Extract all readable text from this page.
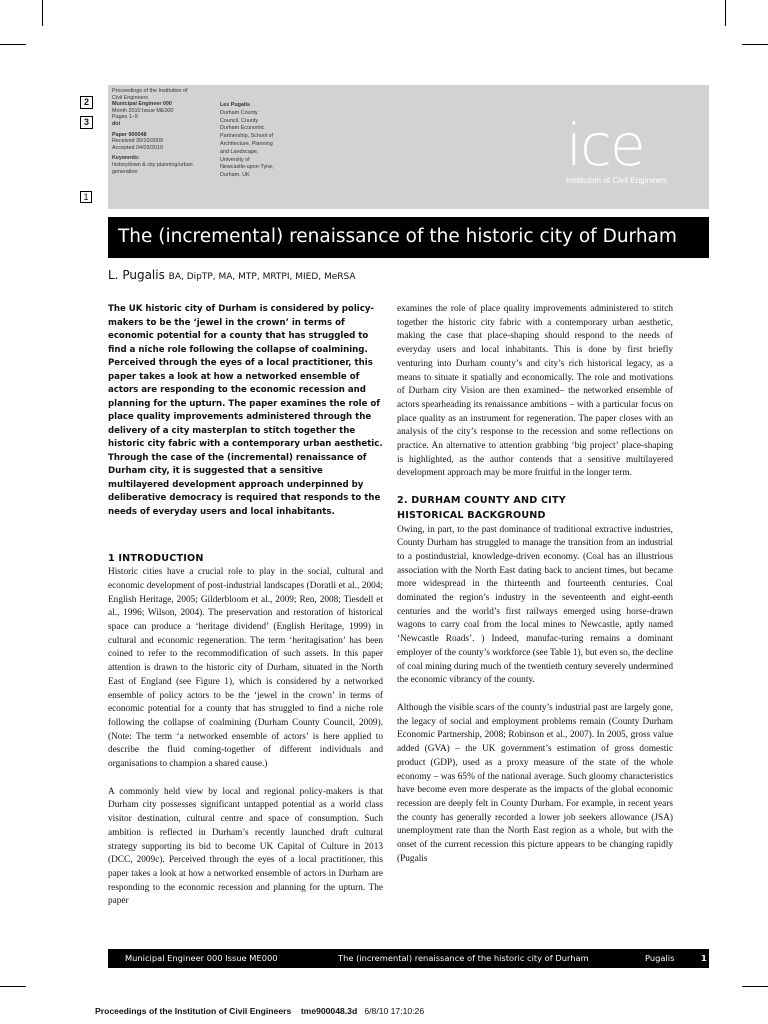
Proceedings of the Institution of
Civil Engineers
Municipal Engineer 000
Month 2010 Issue ME000
Pages 1–9
doi
Paper 900048
Received 30/10/2009
Accepted 04/03/2010
Keywords:
history/town & city planning/urban
generation
Les Pugalis
Durham County
Council, County
Durham Economic
Partnership, School of
Architecture, Planning
and Landscape,
University of
Newcastle-upon-Tyne,
Durham, UK
2
3
1
ice
Institution of Civil Engineers
The (incremental) renaissance of the historic city of Durham
L. Pugalis BA, DipTP, MA, MTP, MRTPI, MIED, MeRSA
The UK historic city of Durham is considered by policy-makers to be the ‘jewel in the crown’ in terms of economic potential for a county that has struggled to find a niche role following the collapse of coalmining. Perceived through the eyes of a local practitioner, this paper takes a look at how a networked ensemble of actors are responding to the economic recession and planning for the upturn. The paper examines the role of place quality improvements administered through the delivery of a city masterplan to stitch together the historic city fabric with a contemporary urban aesthetic. Through the case of the (incremental) renaissance of Durham city, it is suggested that a sensitive multilayered development approach underpinned by deliberative democracy is required that responds to the needs of everyday users and local inhabitants.
1 INTRODUCTION

Historic cities have a crucial role to play in the social, cultural and economic development of post-industrial landscapes (Doratli et al., 2004; English Heritage, 2005; Gilderbloom et al., 2009; Ren, 2008; Tiesdell et al., 1996; Wilson, 2004). The preservation and restoration of historical space can produce a ‘heritage dividend’ (English Heritage, 1999) in cultural and economic regeneration. The term ‘heritagisation’ has been coined to refer to the recommodification of such assets. In this paper attention is drawn to the historic city of Durham, situated in the North East of England (see Figure 1), which is considered by a networked ensemble of policy actors to be the ‘jewel in the crown’ in terms of economic potential for a county that has struggled to find a niche role following the collapse of coalmining (Durham County Council, 2009). (Note: The term ‘a networked ensemble of actors’ is here applied to describe the fluid coming-together of different individuals and organisations to champion a shared cause.)

A commonly held view by local and regional policy-makers is that Durham city possesses significant untapped potential as a world class visitor destination, cultural centre and space of consumption. Such ambition is reflected in Durham’s recently launched draft cultural strategy supporting its bid to become UK Capital of Culture in 2013 (DCC, 2009c). Perceived through the eyes of a local practitioner, this paper takes a look at how a networked ensemble of actors in Durham are responding to the economic recession and planning for the upturn. The paper

examines the role of place quality improvements administered to stitch together the historic city fabric with a contemporary urban aesthetic, making the case that place-shaping should respond to the needs of everyday users and local inhabitants. This is done by first briefly venturing into Durham county’s and city’s rich historical legacy, as a means to situate it spatially and economically. The role and motivations of Durham city Vision are then examined– the networked ensemble of actors spearheading its renaissance ambitions – with a particular focus on place quality as an instrument for regeneration. The paper closes with an analysis of the city’s response to the recession and some reflections on practice. An alternative to attention grabbing ‘big project’ place-shaping is highlighted, as the author contends that a sensitive multilayered development approach may be more fruitful in the longer term.

2. DURHAM COUNTY AND CITY
HISTORICAL BACKGROUND

Owing, in part, to the past dominance of traditional extractive industries, County Durham has struggled to manage the transition from an industrial to a postindustrial, knowledge-driven economy. (Coal has an illustrious association with the North East dating back to ancient times, but became more widespread in the thirteenth and fourteenth centuries. Coal dominated the region’s industry in the seventeenth and eight-eenth centuries and the world’s first railways emerged using horse-drawn wagons to carry coal from the local mines to Newcastle, aptly named ‘Newcastle Roads’. ) Indeed, manufac-turing remains a dominant employer of the county’s workforce (see Table 1), but even so, the decline of coal mining during much of the twentieth century severely undermined the economic vibrancy of the county.

Although the visible scars of the county’s industrial past are largely gone, the legacy of social and employment problems remain (County Durham Economic Partnership, 2008; Robinson et al., 2007). In 2005, gross value added (GVA) – the UK government’s estimation of gross domestic product (GDP), used as a proxy measure of the state of the whole economy – was 65% of the national average. Such gloomy characteristics have become even more desperate as the impacts of the global economic recession are deeply felt in County Durham. For example, in recent years the county has generally recorded a lower job seekers allowance (JSA) unemployment rate than the North East region as a whole, but with the onset of the current recession this picture appears to be changing rapidly (Pugalis

Municipal Engineer 000 Issue ME000	The (incremental) renaissance of the historic city of Durham	Pugalis	1
Proceedings of the Institution of Civil Engineers tme900048.3d 6/8/10 17:10:26
